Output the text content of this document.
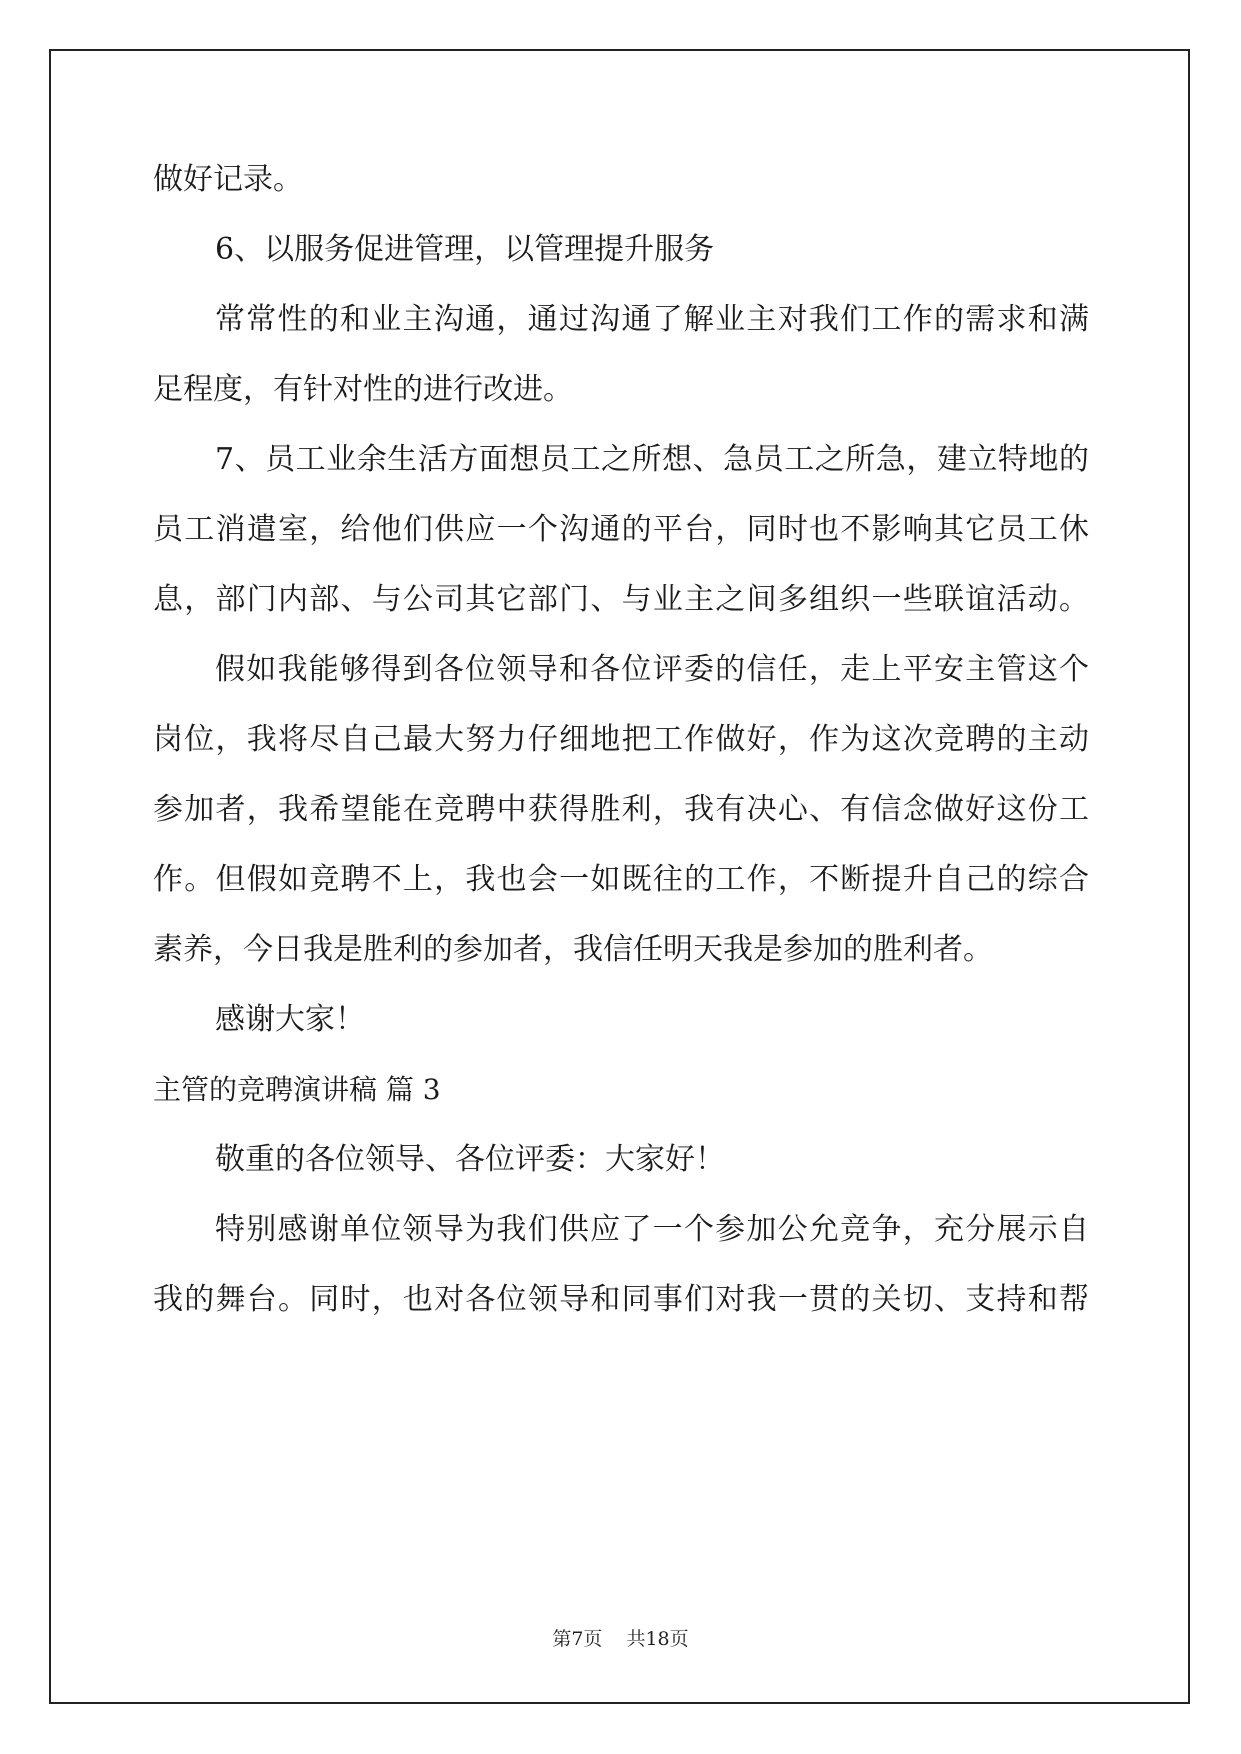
做好记录。
6、以服务促进管理，以管理提升服务
常常性的和业主沟通，通过沟通了解业主对我们工作的需求和满
足程度，有针对性的进行改进。
7、员工业余生活方面想员工之所想、急员工之所急，建立特地的
员工消遣室，给他们供应一个沟通的平台，同时也不影响其它员工休
息，部门内部、与公司其它部门、与业主之间多组织一些联谊活动。
假如我能够得到各位领导和各位评委的信任，走上平安主管这个
岗位，我将尽自己最大努力仔细地把工作做好，作为这次竞聘的主动
参加者，我希望能在竞聘中获得胜利，我有决心、有信念做好这份工
作。但假如竞聘不上，我也会一如既往的工作，不断提升自己的综合
素养，今日我是胜利的参加者，我信任明天我是参加的胜利者。
感谢大家！
主管的竞聘演讲稿 篇 3
敬重的各位领导、各位评委：大家好！
特别感谢单位领导为我们供应了一个参加公允竞争，充分展示自
我的舞台。同时，也对各位领导和同事们对我一贯的关切、支持和帮
第7页 共18页
